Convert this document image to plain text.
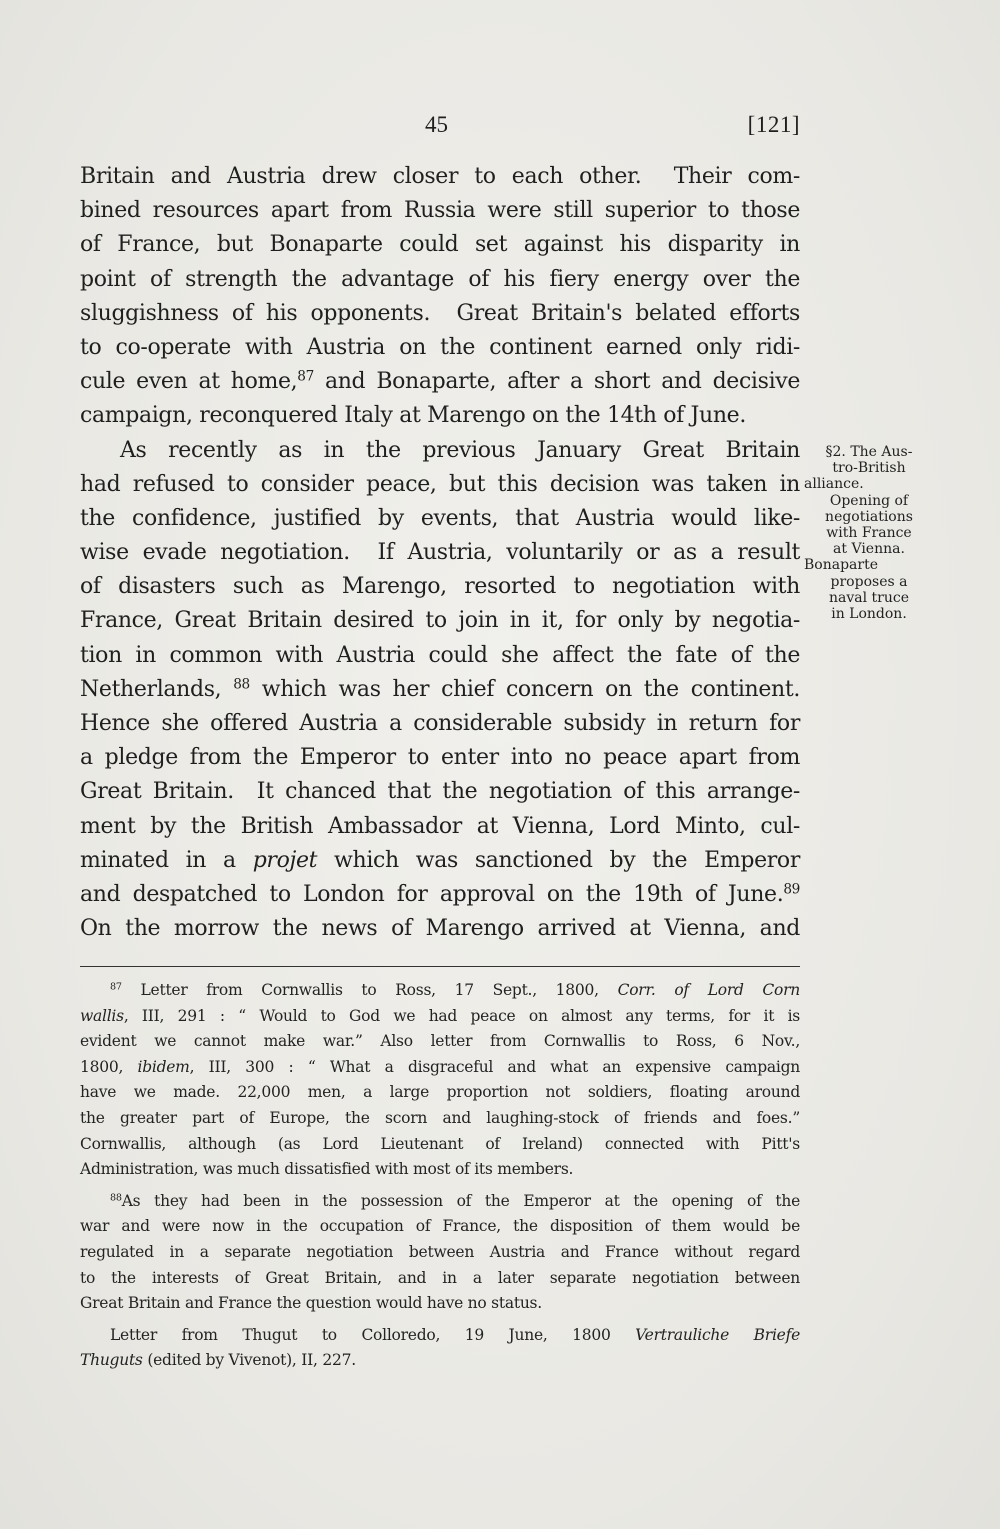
45	[121]
Britain and Austria drew closer to each other.  Their com-
bined resources apart from Russia were still superior to those
of France, but Bonaparte could set against his disparity in
point of strength the advantage of his fiery energy over the
sluggishness of his opponents.  Great Britain's belated efforts
to co-operate with Austria on the continent earned only ridi-
cule even at home,$^{87}$ and Bonaparte, after a short and decisive
campaign, reconquered Italy at Marengo on the 14th of June.
As recently as in the previous January Great Britain
had refused to consider peace, but this decision was taken in
the confidence, justified by events, that Austria would like-
wise evade negotiation.  If Austria, voluntarily or as a result
of disasters such as Marengo, resorted to negotiation with
France, Great Britain desired to join in it, for only by negotia-
tion in common with Austria could she affect the fate of the
Netherlands, $^{88}$ which was her chief concern on the continent.
Hence she offered Austria a considerable subsidy in return for
a pledge from the Emperor to enter into no peace apart from
Great Britain.  It chanced that the negotiation of this arrange-
ment by the British Ambassador at Vienna, Lord Minto, cul-
minated in a projet which was sanctioned by the Emperor
and despatched to London for approval on the 19th of June.$^{89}$
On the morrow the news of Marengo arrived at Vienna, and
§2. The Aus-
tro-British
alliance.
Opening of
negotiations
with France
at Vienna.
Bonaparte
proposes a
naval truce
in London.
$^{87}$ Letter from Cornwallis to Ross, 17 Sept., 1800, Corr. of Lord Corn
wallis, III, 291 : “ Would to God we had peace on almost any terms, for it is
evident we cannot make war.” Also letter from Cornwallis to Ross, 6 Nov.,
1800, ibidem, III, 300 : “ What a disgraceful and what an expensive campaign
have we made. 22,000 men, a large proportion not soldiers, floating around
the greater part of Europe, the scorn and laughing-stock of friends and foes.”
Cornwallis, although (as Lord Lieutenant of Ireland) connected with Pitt's
Administration, was much dissatisfied with most of its members.
$^{88}$As they had been in the possession of the Emperor at the opening of the
war and were now in the occupation of France, the disposition of them would be
regulated in a separate negotiation between Austria and France without regard
to the interests of Great Britain, and in a later separate negotiation between
Great Britain and France the question would have no status.
Letter from Thugut to Colloredo, 19 June, 1800 Vertrauliche Briefe
Thuguts (edited by Vivenot), II, 227.
